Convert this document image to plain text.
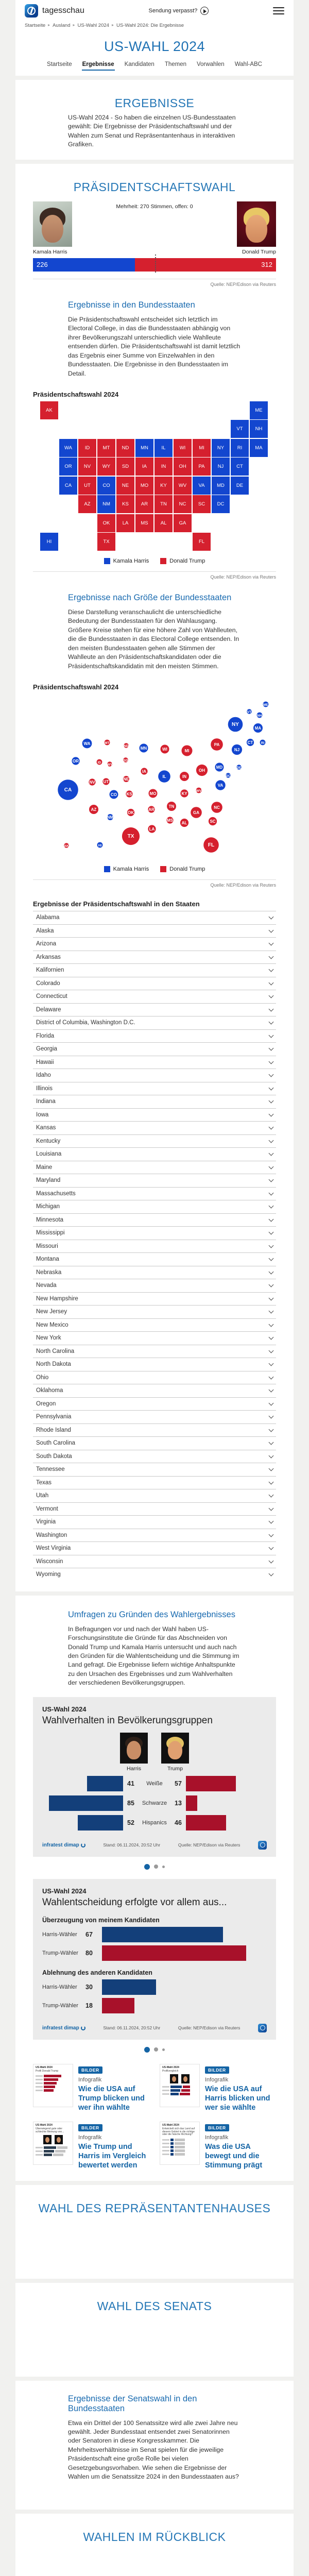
tagesschau	Sendung verpasst?
Startseite ▸ Ausland ▸ US-Wahl 2024 ▸ US-Wahl 2024: Die Ergebnisse
US-WAHL 2024
Startseite Ergebnisse Kandidaten Themen Vorwahlen Wahl-ABC
ERGEBNISSE
US-Wahl 2024 - So haben die einzelnen US-Bundesstaaten gewählt: Die Ergebnisse der Präsidentschaftswahl und der Wahlen zum Senat und Repräsentantenhaus in interaktiven Grafiken.
PRÄSIDENTSCHAFTSWAHL
Mehrheit: 270 Stimmen, offen: 0
Kamala Harris	Donald Trump
226	312
Quelle: NEP/Edison via Reuters
Ergebnisse in den Bundesstaaten
Die Präsidentschaftswahl entscheidet sich letztlich im Electoral College, in das die Bundesstaaten abhängig von ihrer Bevölkerungszahl unterschiedlich viele Wahlleute entsenden dürfen. Die Präsidentschaftswahl ist damit letztlich das Ergebnis einer Summe von Einzelwahlen in den Bundesstaaten. Die Ergebnisse in den Bundesstaaten im Detail.
Präsidentschaftswahl 2024
AL
AK
AZ	AR
CA	CO
CT
DE
DC
FL
GA
HI
ID	IL
IN
IA
KS
KY
LA
ME
MD
MA
MI
MN
MS
MO
MT
NE
NV
NH
NJ
NM
NY
NC
ND
OH
OK
OR	PA
RI
SC
SD
TN
TX
UT
VT
VA
WA
WV
WI
WY
Kamala Harris	Donald Trump
Quelle: NEP/Edison via Reuters
Ergebnisse nach Größe der Bundesstaaten
Diese Darstellung veranschaulicht die unterschiedliche Bedeutung der Bundesstaaten für den Wahlausgang. Größere Kreise stehen für eine höhere Zahl von Wahlleuten, die die Bundesstaaten in das Electoral College entsenden. In den meisten Bundesstaaten gehen alle Stimmen der Wahlleute an den Präsidentschaftskandidaten oder die Präsidentschaftskandidatin mit den meisten Stimmen.
Präsidentschaftswahl 2024
AL
AK
AZ	AR
CA
CO
CT
DE
DC
FL
GA
HI
ID
IL	IN
IA
KS	KY
LA
ME
MD
MA
MI
MN
MS
MO
MT
NE
NV
NH
NJ
NM
NY
NC
ND
OH
OK
OR
PA	RI
SC
SD
TN
TX
UT
VT
VA
WA
WV
WI
WY
Kamala Harris	Donald Trump
Quelle: NEP/Edison via Reuters
Ergebnisse der Präsidentschaftswahl in den Staaten
Alabama
Alaska
Arizona
Arkansas
Kalifornien
Colorado
Connecticut
Delaware
District of Columbia, Washington D.C.
Florida
Georgia
Hawaii
Idaho
Illinois
Indiana
Iowa
Kansas
Kentucky
Louisiana
Maine
Maryland
Massachusetts
Michigan
Minnesota
Mississippi
Missouri
Montana
Nebraska
Nevada
New Hampshire
New Jersey
New Mexico
New York
North Carolina
North Dakota
Ohio
Oklahoma
Oregon
Pennsylvania
Rhode Island
South Carolina
South Dakota
Tennessee
Texas
Utah
Vermont
Virginia
Washington
West Virginia
Wisconsin
Wyoming
Umfragen zu Gründen des Wahlergebnisses
In Befragungen vor und nach der Wahl haben US-Forschungsinstitute die Gründe für das Abschneiden von Donald Trump und Kamala Harris untersucht und auch nach den Gründen für die Wahlentscheidung und die Stimmung im Land gefragt. Die Ergebnisse liefern wichtige Anhaltspunkte zu den Ursachen des Ergebnisses und zum Wahlverhalten der verschiedenen Bevölkerungsgruppen.
US-Wahl 2024
Wahlverhalten in Bevölkerungsgruppen
Harris	Trump
41	Weiße	57
85	Schwarze	13
52	Hispanics	46
infratest dimap	Stand: 06.11.2024, 20:52 Uhr	Quelle: NEP/Edison via Reuters
US-Wahl 2024
Wahlentscheidung erfolgte vor allem aus...
Überzeugung von meinem Kandidaten
Harris-Wähler	67
Trump-Wähler	80
Ablehnung des anderen Kandidaten
Harris-Wähler	30
Trump-Wähler	18
infratest dimap	Stand: 06.11.2024, 20:52 Uhr	Quelle: NEP/Edison via Reuters
US-Wahl 2024
Profil Donald Trump	BILDER
Infografik
Wie die USA auf Trump blicken und wer ihn wählte
US-Wahl 2024
Profilvergleich	BILDER
Infografik
Wie die USA auf Harris blicken und wer sie wählte
US-Wahl 2024
Überwiegend gute oder schlechte Meinung von...
BILDER
Infografik
Wie Trump und Harris im Vergleich bewertet werden
US-Wahl 2024
Entwickelt sich das Land auf diesem Gebiet in die richtige oder die falsche Richtung?
BILDER
Infografik
Was die USA bewegt und die Stimmung prägt
WAHL DES REPRÄSENTANTENHAUSES
WAHL DES SENATS
Ergebnisse der Senatswahl in den Bundesstaaten
Etwa ein Drittel der 100 Senatssitze wird alle zwei Jahre neu gewählt. Jeder Bundesstaat entsendet zwei Senatorinnen oder Senatoren in diese Kongresskammer. Die Mehrheitsverhältnisse im Senat spielen für die jeweilige Präsidentschaft eine große Rolle bei vielen Gesetzgebungsvorhaben. Wie sehen die Ergebnisse der Wahlen um die Senatssitze 2024 in den Bundesstaaten aus?
WAHLEN IM RÜCKBLICK
